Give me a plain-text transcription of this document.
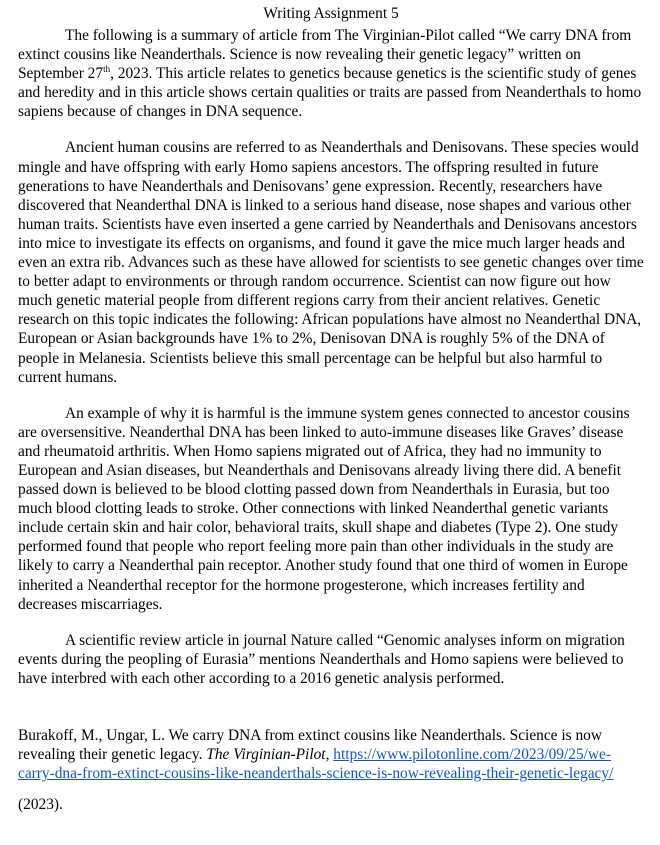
Writing Assignment 5

The following is a summary of article from The Virginian-Pilot called “We carry DNA from extinct cousins like Neanderthals. Science is now revealing their genetic legacy” written on September 27th, 2023. This article relates to genetics because genetics is the scientific study of genes and heredity and in this article shows certain qualities or traits are passed from Neanderthals to homo sapiens because of changes in DNA sequence.

Ancient human cousins are referred to as Neanderthals and Denisovans. These species would mingle and have offspring with early Homo sapiens ancestors. The offspring resulted in future generations to have Neanderthals and Denisovans’ gene expression. Recently, researchers have discovered that Neanderthal DNA is linked to a serious hand disease, nose shapes and various other human traits. Scientists have even inserted a gene carried by Neanderthals and Denisovans ancestors into mice to investigate its effects on organisms, and found it gave the mice much larger heads and even an extra rib. Advances such as these have allowed for scientists to see genetic changes over time to better adapt to environments or through random occurrence. Scientist can now figure out how much genetic material people from different regions carry from their ancient relatives. Genetic research on this topic indicates the following: African populations have almost no Neanderthal DNA, European or Asian backgrounds have 1% to 2%, Denisovan DNA is roughly 5% of the DNA of people in Melanesia. Scientists believe this small percentage can be helpful but also harmful to current humans.

An example of why it is harmful is the immune system genes connected to ancestor cousins are oversensitive. Neanderthal DNA has been linked to auto-immune diseases like Graves’ disease and rheumatoid arthritis. When Homo sapiens migrated out of Africa, they had no immunity to European and Asian diseases, but Neanderthals and Denisovans already living there did. A benefit passed down is believed to be blood clotting passed down from Neanderthals in Eurasia, but too much blood clotting leads to stroke. Other connections with linked Neanderthal genetic variants include certain skin and hair color, behavioral traits, skull shape and diabetes (Type 2). One study performed found that people who report feeling more pain than other individuals in the study are likely to carry a Neanderthal pain receptor. Another study found that one third of women in Europe inherited a Neanderthal receptor for the hormone progesterone, which increases fertility and decreases miscarriages.

A scientific review article in journal Nature called “Genomic analyses inform on migration events during the peopling of Eurasia” mentions Neanderthals and Homo sapiens were believed to have interbred with each other according to a 2016 genetic analysis performed.

Burakoff, M., Ungar, L. We carry DNA from extinct cousins like Neanderthals. Science is now revealing their genetic legacy. The Virginian-Pilot, https://www.pilotonline.com/2023/09/25/we-carry-dna-from-extinct-cousins-like-neanderthals-science-is-now-revealing-their-genetic-legacy/

(2023).
